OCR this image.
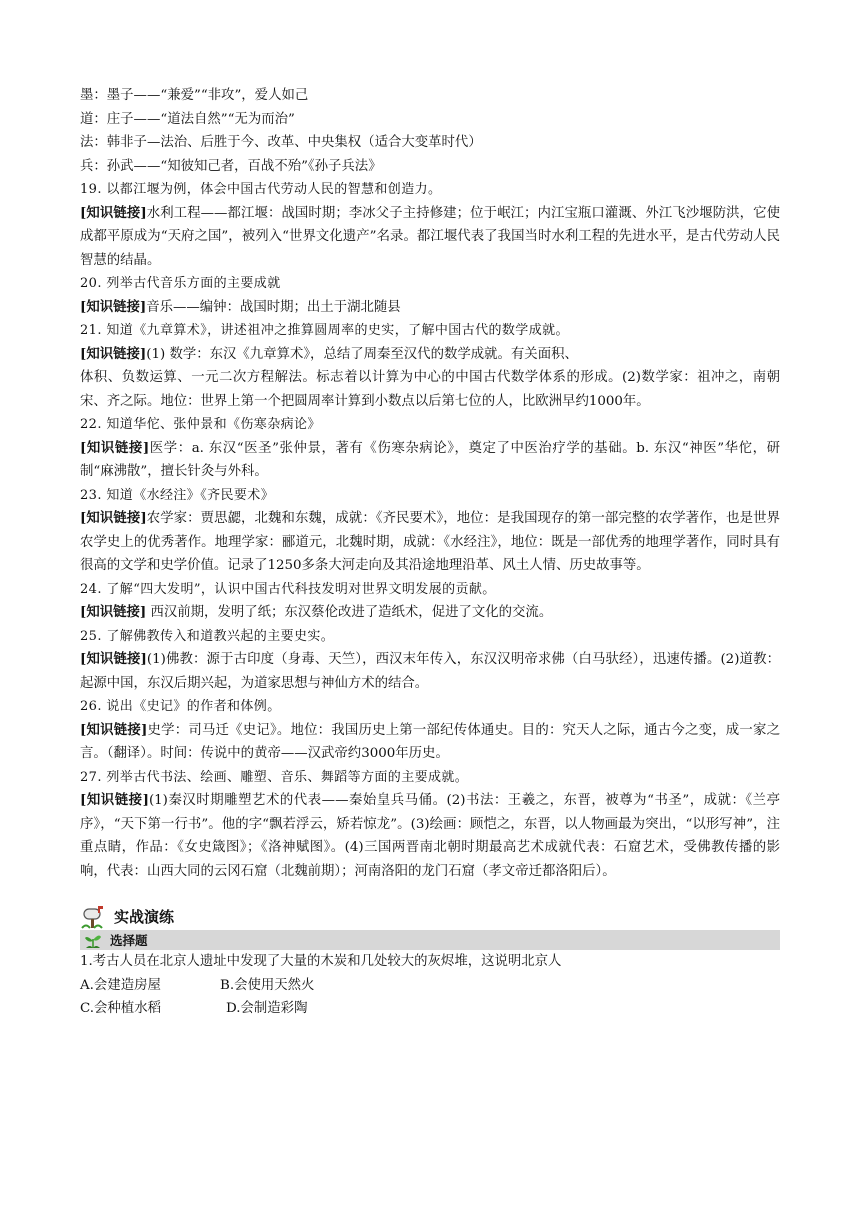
墨：墨子——“兼爱”“非攻”，爱人如己
道：庄子——“道法自然”“无为而治”
法：韩非子—法治、后胜于今、改革、中央集权（适合大变革时代）
兵：孙武——“知彼知己者，百战不殆”《孙子兵法》
19. 以都江堰为例，体会中国古代劳动人民的智慧和创造力。
[知识链接]水利工程——都江堰：战国时期；李冰父子主持修建；位于岷江；内江宝瓶口灌溉、外江飞沙堰防洪，它使成都平原成为“天府之国”，被列入“世界文化遗产”名录。都江堰代表了我国当时水利工程的先进水平，是古代劳动人民智慧的结晶。
20. 列举古代音乐方面的主要成就
[知识链接]音乐——编钟：战国时期；出土于湖北随县
21. 知道《九章算术》，讲述祖冲之推算圆周率的史实，了解中国古代的数学成就。
[知识链接](1) 数学：东汉《九章算术》，总结了周秦至汉代的数学成就。有关面积、
体积、负数运算、一元二次方程解法。标志着以计算为中心的中国古代数学体系的形成。(2)数学家：祖冲之，南朝宋、齐之际。地位：世界上第一个把圆周率计算到小数点以后第七位的人，比欧洲早约1000年。
22. 知道华佗、张仲景和《伤寒杂病论》
[知识链接]医学：a. 东汉“医圣”张仲景，著有《伤寒杂病论》，奠定了中医治疗学的基础。b. 东汉“神医”华佗，研制“麻沸散”，擅长针灸与外科。
23. 知道《水经注》《齐民要术》
[知识链接]农学家：贾思勰，北魏和东魏，成就：《齐民要术》，地位：是我国现存的第一部完整的农学著作，也是世界农学史上的优秀著作。地理学家：郦道元，北魏时期，成就：《水经注》，地位：既是一部优秀的地理学著作，同时具有很高的文学和史学价值。记录了1250多条大河走向及其沿途地理沿革、风土人情、历史故事等。
24. 了解“四大发明”，认识中国古代科技发明对世界文明发展的贡献。
[知识链接] 西汉前期，发明了纸；东汉蔡伦改进了造纸术，促进了文化的交流。
25. 了解佛教传入和道教兴起的主要史实。
[知识链接](1)佛教：源于古印度（身毒、天竺），西汉末年传入，东汉汉明帝求佛（白马驮经），迅速传播。(2)道教：起源中国，东汉后期兴起，为道家思想与神仙方术的结合。
26. 说出《史记》的作者和体例。
[知识链接]史学：司马迁《史记》。地位：我国历史上第一部纪传体通史。目的：究天人之际，通古今之变，成一家之言。（翻译）。时间：传说中的黄帝——汉武帝约3000年历史。
27. 列举古代书法、绘画、雕塑、音乐、舞蹈等方面的主要成就。
[知识链接](1)秦汉时期雕塑艺术的代表——秦始皇兵马俑。(2)书法：王羲之，东晋，被尊为“书圣”，成就：《兰亭序》，“天下第一行书”。他的字“飘若浮云，矫若惊龙”。(3)绘画：顾恺之，东晋，以人物画最为突出，“以形写神”，注重点睛，作品：《女史箴图》；《洛神赋图》。(4)三国两晋南北朝时期最高艺术成就代表：石窟艺术，受佛教传播的影响，代表：山西大同的云冈石窟（北魏前期）；河南洛阳的龙门石窟（孝文帝迁都洛阳后）。
实战演练
选择题
1.考古人员在北京人遗址中发现了大量的木炭和几处较大的灰烬堆，这说明北京人
A.会建造房屋	B.会使用天然火
C.会种植水稻	D.会制造彩陶
